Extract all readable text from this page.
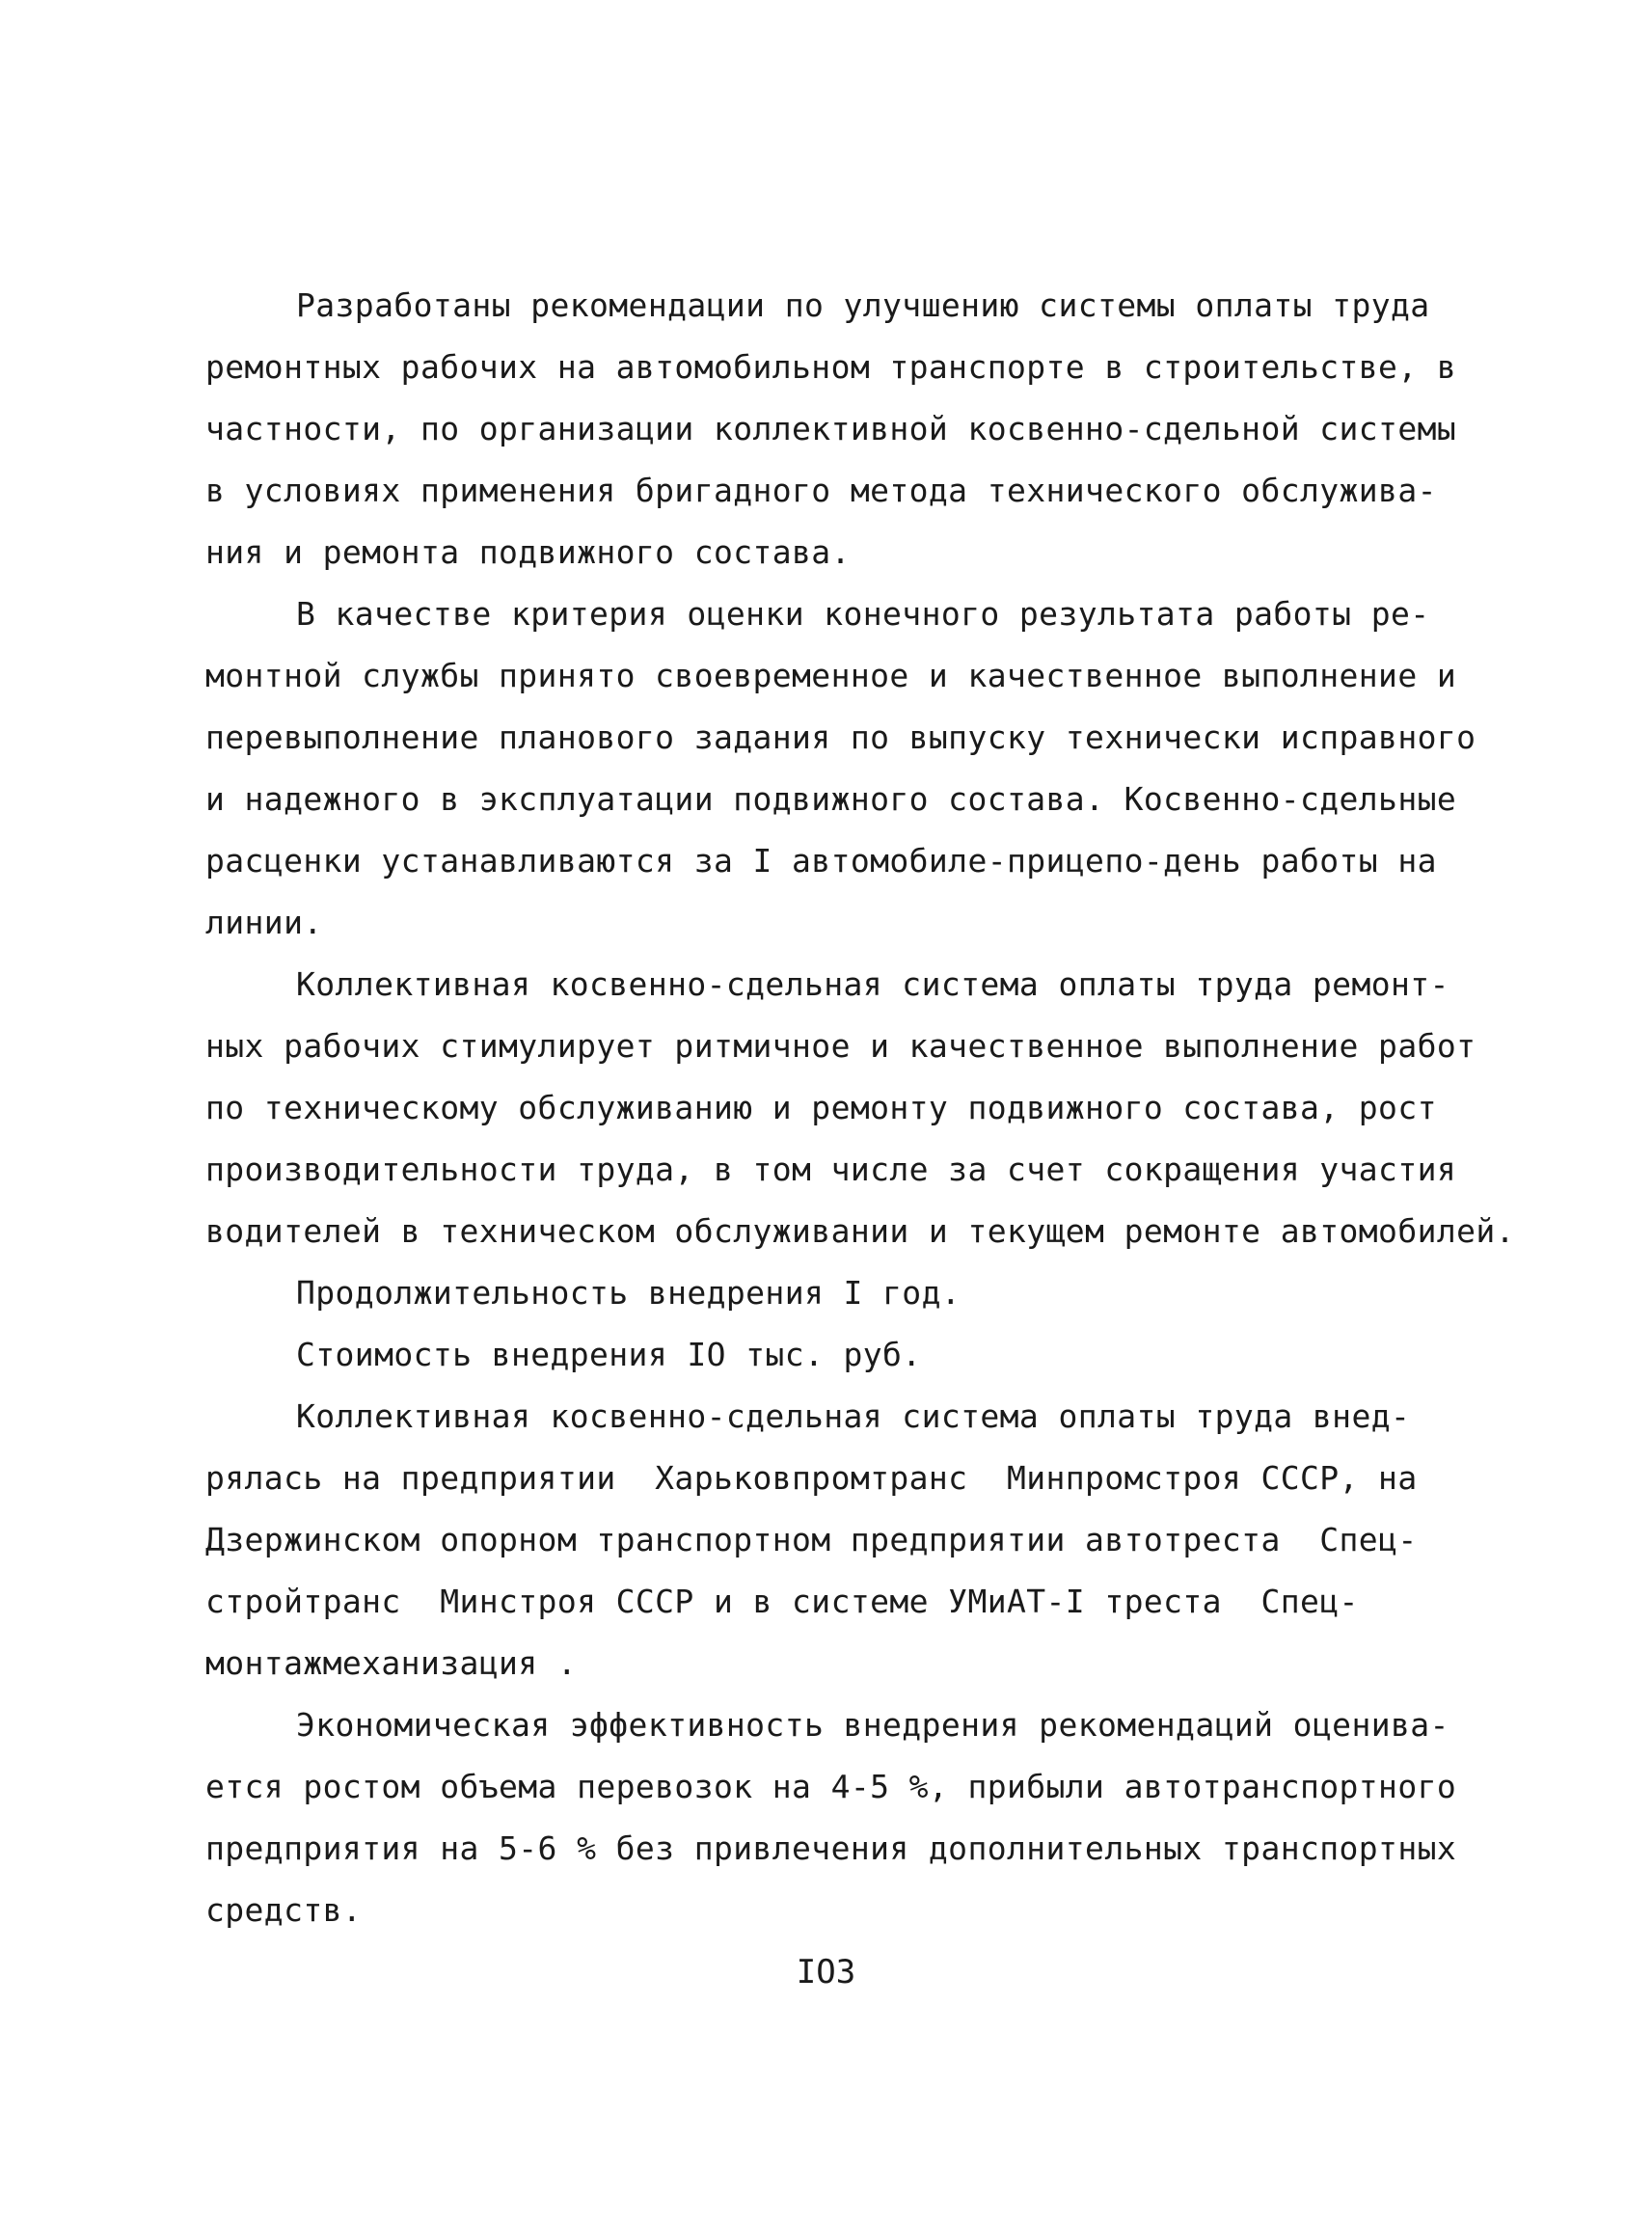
Разработаны рекомендации по улучшению системы оплаты труда
ремонтных рабочих на автомобильном транспорте в строительстве, в
частности, по организации коллективной косвенно-сдельной системы
в условиях применения бригадного метода технического обслужива-
ния и ремонта подвижного состава.
В качестве критерия оценки конечного результата работы ре-
монтной службы принято своевременное и качественное выполнение и
перевыполнение планового задания по выпуску технически исправного
и надежного в эксплуатации подвижного состава. Косвенно-сдельные
расценки устанавливаются за I автомобиле-прицепо-день работы на
линии.
Коллективная косвенно-сдельная система оплаты труда ремонт-
ных рабочих стимулирует ритмичное и качественное выполнение работ
по техническому обслуживанию и ремонту подвижного состава, рост
производительности труда, в том числе за счет сокращения участия
водителей в техническом обслуживании и текущем ремонте автомобилей.
Продолжительность внедрения I год.
Стоимость внедрения IO тыс. руб.
Коллективная косвенно-сдельная система оплаты труда внед-
рялась на предприятии  Харьковпромтранс  Минпромстроя СССР, на
Дзержинском опорном транспортном предприятии автотреста  Спец-
стройтранс  Минстроя СССР и в системе УМиАТ-I треста  Спец-
монтажмеханизация .
Экономическая эффективность внедрения рекомендаций оценива-
ется ростом объема перевозок на 4-5 %, прибыли автотранспортного
предприятия на 5-6 % без привлечения дополнительных транспортных
средств.
IO3
